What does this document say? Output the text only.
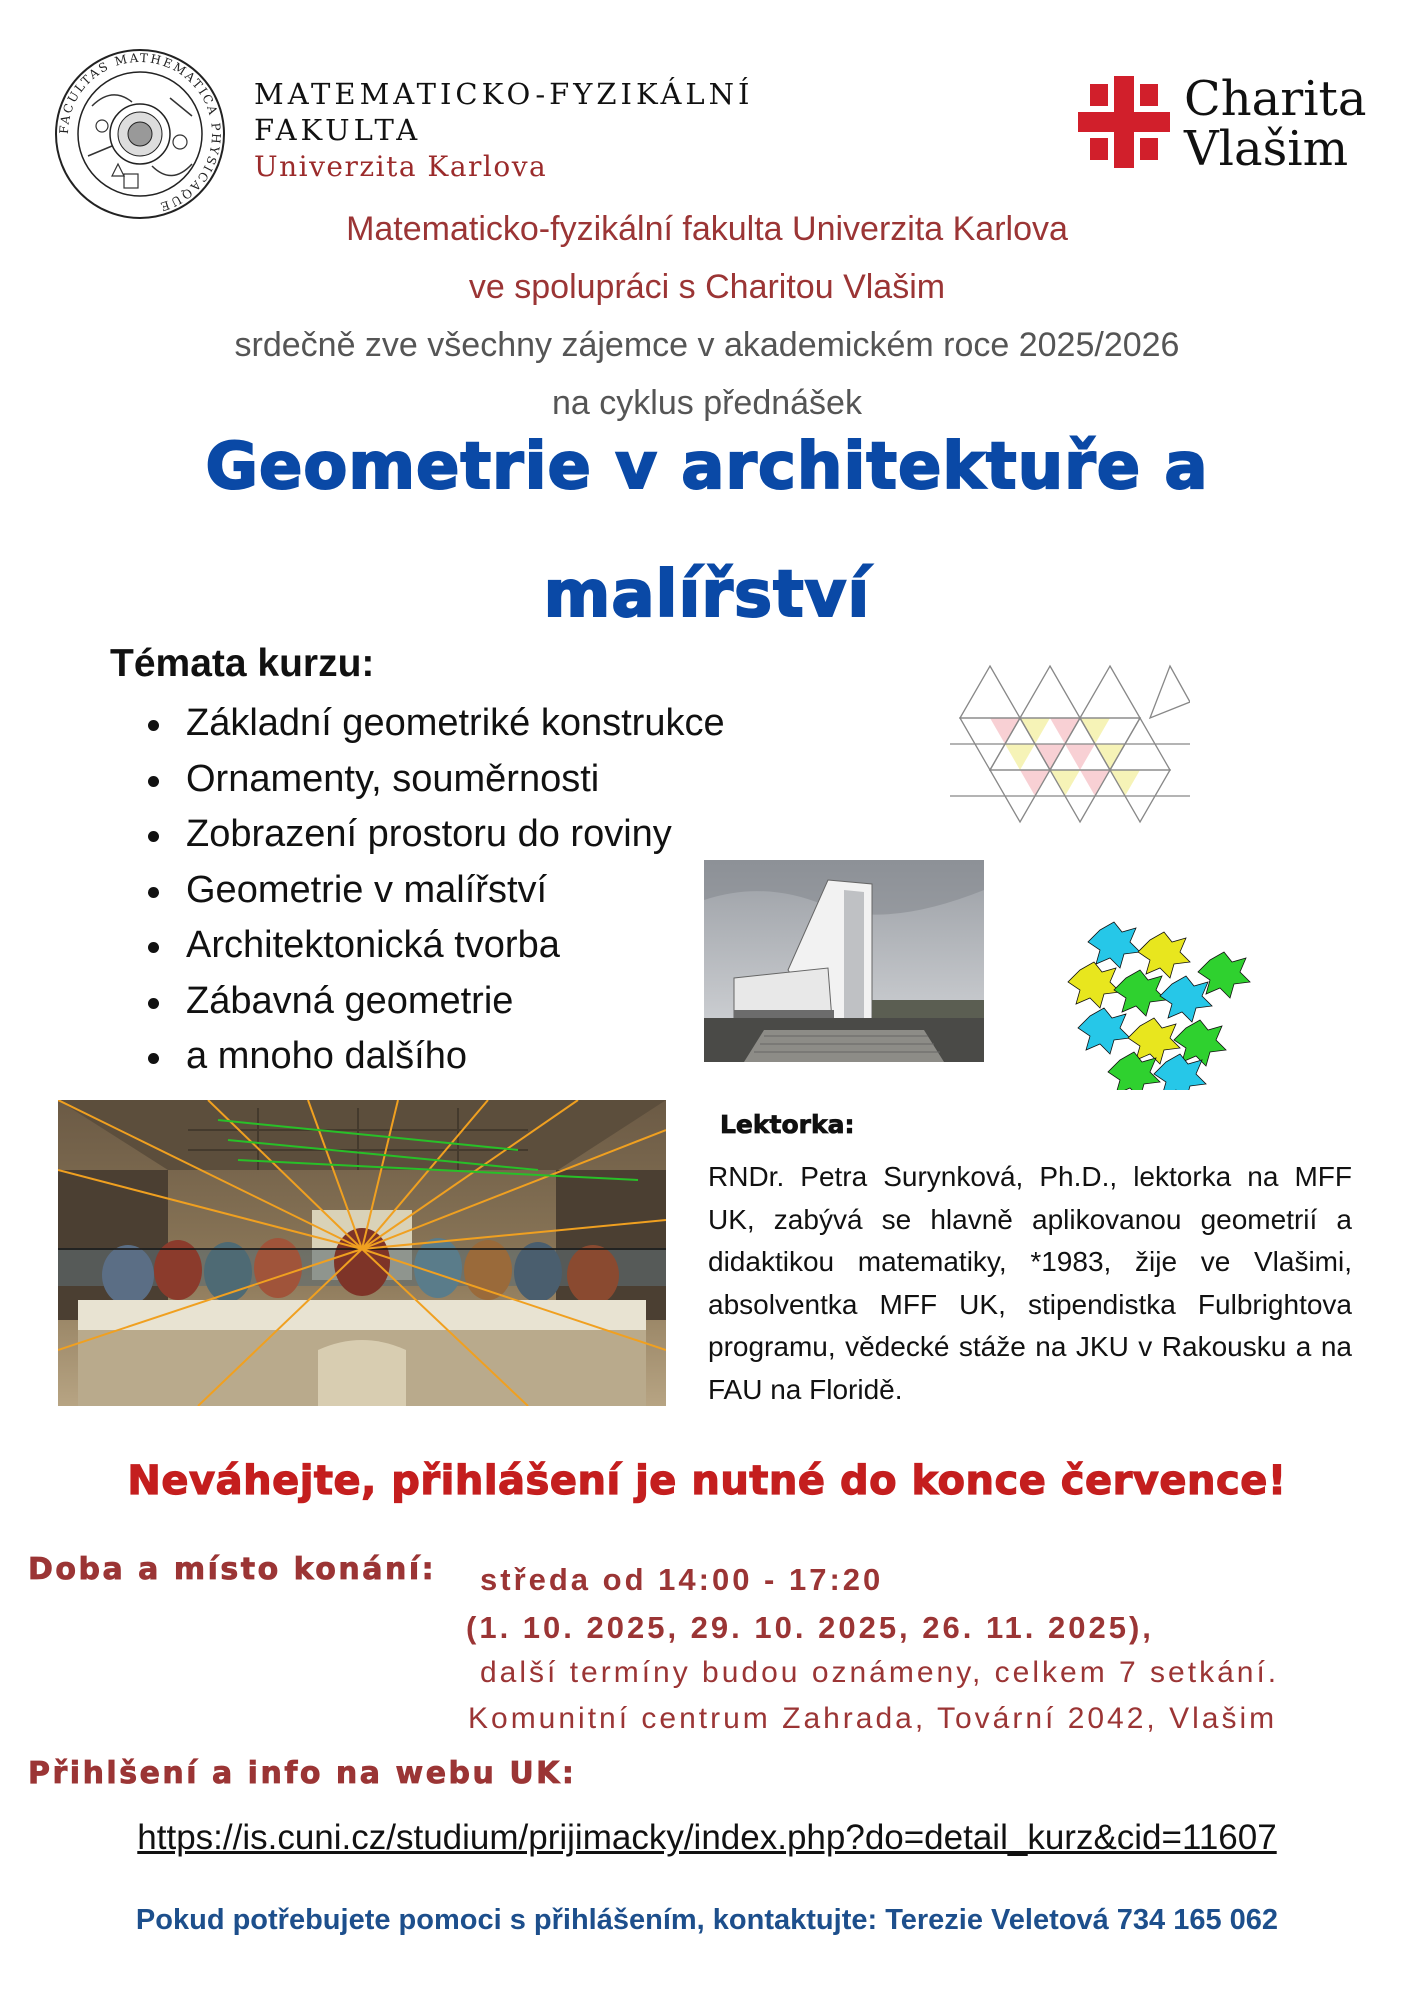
FACULTAS MATHEMATICA PHYSICAQUE
MATEMATICKO-FYZIKÁLNÍ
FAKULTA
Univerzita Karlova
Charita
Vlašim
Matematicko-fyzikální fakulta Univerzita Karlova
ve spolupráci s Charitou Vlašim
srdečně zve všechny zájemce v akademickém roce 2025/2026
na cyklus přednášek
Geometrie v architektuře a
malířství
Témata kurzu:
Základní geometriké konstrukce
Ornamenty, souměrnosti
Zobrazení prostoru do roviny
Geometrie v malířství
Architektonická tvorba
Zábavná geometrie
a mnoho dalšího
Lektorka:
RNDr. Petra Surynková, Ph.D., lektorka na MFF UK, zabývá se hlavně aplikovanou geometrií a didaktikou matematiky, *1983, žije ve Vlašimi, absolventka MFF UK, stipendistka Fulbrightova programu, vědecké stáže na JKU v Rakousku a na FAU na Floridě.
Neváhejte, přihlášení je nutné do konce července!
Doba a místo konání: středa od 14:00 - 17:20
(1. 10. 2025, 29. 10. 2025, 26. 11. 2025),
další termíny budou oznámeny, celkem 7 setkání.
Komunitní centrum Zahrada, Tovární 2042, Vlašim
Přihlšení a info na webu UK:
https://is.cuni.cz/studium/prijimacky/index.php?do=detail_kurz&cid=11607
Pokud potřebujete pomoci s přihlášením, kontaktujte: Terezie Veletová 734 165 062
